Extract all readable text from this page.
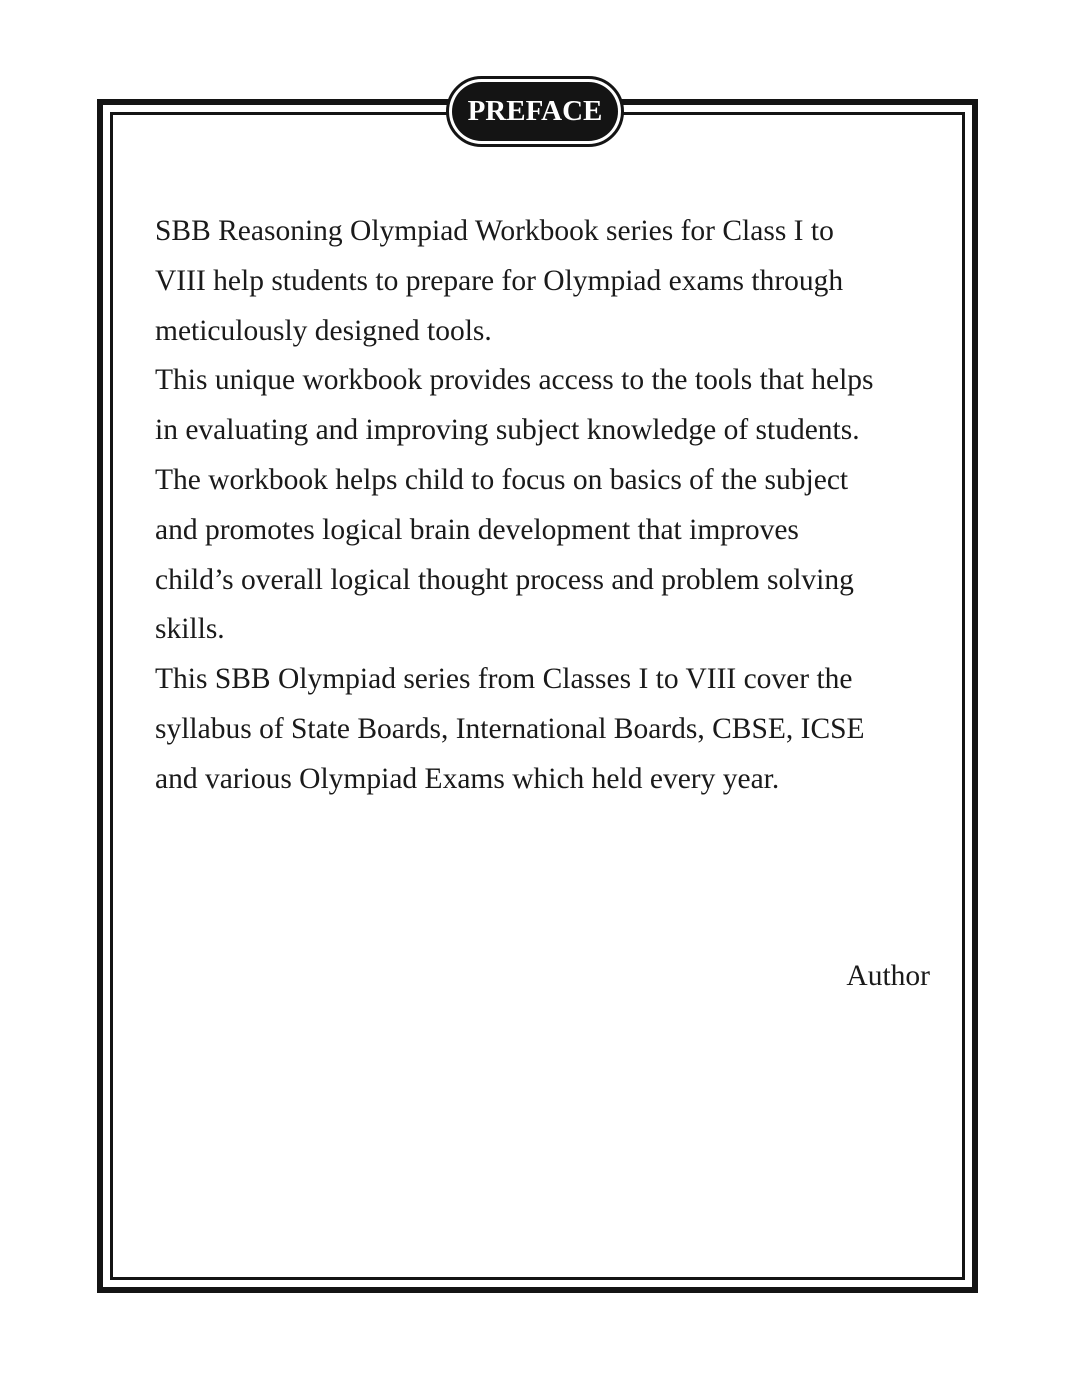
PREFACE

SBB Reasoning Olympiad Workbook series for Class I to

VIII help students to prepare for Olympiad exams through

meticulously designed tools.

This unique workbook provides access to the tools that helps

in evaluating and improving subject knowledge of students.

The workbook helps child to focus on basics of the subject

and promotes logical brain development that improves

child’s overall logical thought process and problem solving

skills.

This SBB Olympiad series from Classes I to VIII cover the

syllabus of State Boards, International Boards, CBSE, ICSE

and various Olympiad Exams which held every year.

Author
